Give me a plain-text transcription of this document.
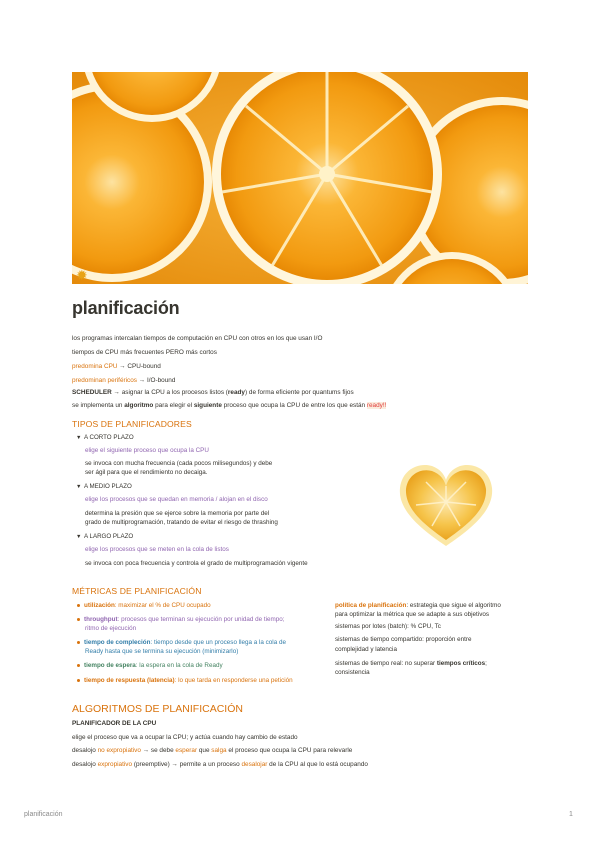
✹
planificación
los programas intercalan tiempos de computación en CPU con otros en los que usan I/O
tiempos de CPU más frecuentes PERO más cortos
predomina CPU → CPU-bound
predominan periféricos → I/O-bound
SCHEDULER → asignar la CPU a los procesos listos (ready) de forma eficiente por quantums fijos
se implementa un algoritmo para elegir el siguiente proceso que ocupa la CPU de entre los que están ready!!
TIPOS DE PLANIFICADORES
▼ A CORTO PLAZO
elige el siguiente proceso que ocupa la CPU
se invoca con mucha frecuencia (cada pocos milisegundos) y debe
ser ágil para que el rendimiento no decaiga.
▼ A MEDIO PLAZO
elige los procesos que se quedan en memoria / alojan en el disco
determina la presión que se ejerce sobre la memoria por parte del
grado de multiprogramación, tratando de evitar el riesgo de thrashing
▼ A LARGO PLAZO
elige los procesos que se meten en la cola de listos
se invoca con poca frecuencia y controla el grado de multiprogramación vigente
MÉTRICAS DE PLANIFICACIÓN
utilización: maximizar el % de CPU ocupado
throughput: procesos que terminan su ejecución por unidad de tiempo;
ritmo de ejecución
tiempo de compleción: tiempo desde que un proceso llega a la cola de
Ready hasta que se termina su ejecución (minimizarlo)
tiempo de espera: la espera en la cola de Ready
tiempo de respuesta (latencia): lo que tarda en responderse una petición
política de planificación: estrategia que sigue el algoritmo
para optimizar la métrica que se adapte a sus objetivos
sistemas por lotes (batch): % CPU, Tc
sistemas de tiempo compartido: proporción entre
complejidad y latencia
sistemas de tiempo real: no superar tiempos críticos;
consistencia
ALGORITMOS DE PLANIFICACIÓN
PLANIFICADOR DE LA CPU
elige el proceso que va a ocupar la CPU; y actúa cuando hay cambio de estado
desalojo no expropiativo → se debe esperar que salga el proceso que ocupa la CPU para relevarle
desalojo expropiativo (preemptive) → permite a un proceso desalojar de la CPU al que lo está ocupando
planificación	1
